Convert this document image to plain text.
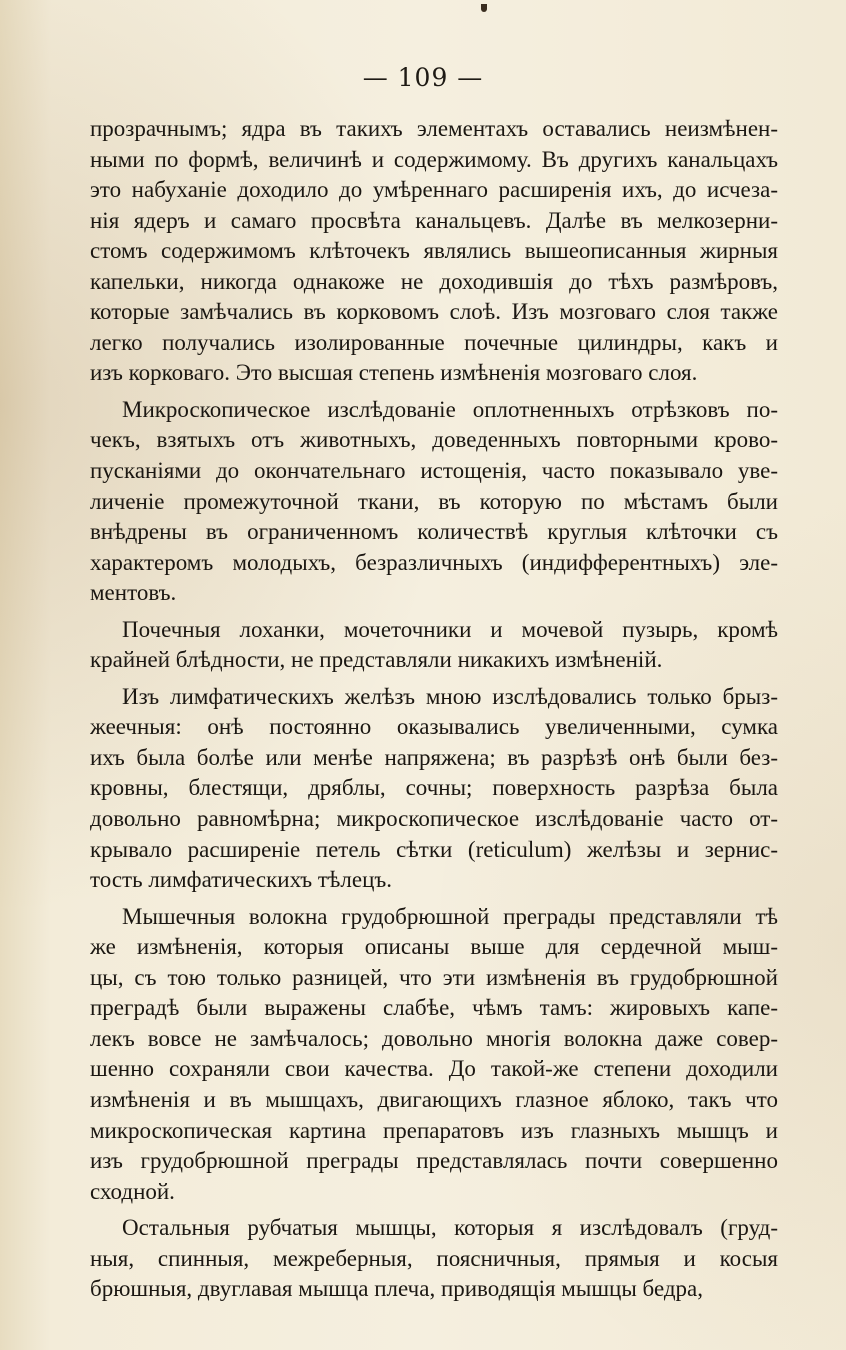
— 109 —
прозрачнымъ; ядра въ такихъ элементахъ оставались неизмѣнен-
ными по формѣ, величинѣ и содержимому. Въ другихъ канальцахъ
это набуханіе доходило до умѣреннаго расширенія ихъ, до исчеза-
нія ядеръ и самаго просвѣта канальцевъ. Далѣе въ мелкозерни-
стомъ содержимомъ клѣточекъ являлись вышеописанныя жирныя
капельки, никогда однакоже не доходившія до тѣхъ размѣровъ,
которые замѣчались въ корковомъ слоѣ. Изъ мозговаго слоя также
легко получались изолированные почечные цилиндры, какъ и
изъ корковаго. Это высшая степень измѣненія мозговаго слоя.
Микроскопическое изслѣдованіе оплотненныхъ отрѣзковъ по-
чекъ, взятыхъ отъ животныхъ, доведенныхъ повторными крово-
пусканіями до окончательнаго истощенія, часто показывало уве-
личеніе промежуточной ткани, въ которую по мѣстамъ были
внѣдрены въ ограниченномъ количествѣ круглыя клѣточки съ
характеромъ молодыхъ, безразличныхъ (индифферентныхъ) эле-
ментовъ.
Почечныя лоханки, мочеточники и мочевой пузырь, кромѣ
крайней блѣдности, не представляли никакихъ измѣненій.
Изъ лимфатическихъ желѣзъ мною изслѣдовались только брыз-
жеечныя: онѣ постоянно оказывались увеличенными, сумка
ихъ была болѣе или менѣе напряжена; въ разрѣзѣ онѣ были без-
кровны, блестящи, дряблы, сочны; поверхность разрѣза была
довольно равномѣрна; микроскопическое изслѣдованіе часто от-
крывало расширеніе петель сѣтки (reticulum) желѣзы и зернис-
тость лимфатическихъ тѣлецъ.
Мышечныя волокна грудобрюшной преграды представляли тѣ
же измѣненія, которыя описаны выше для сердечной мыш-
цы, съ тою только разницей, что эти измѣненія въ грудобрюшной
преградѣ были выражены слабѣе, чѣмъ тамъ: жировыхъ капе-
лекъ вовсе не замѣчалось; довольно многія волокна даже совер-
шенно сохраняли свои качества. До такой-же степени доходили
измѣненія и въ мышцахъ, двигающихъ глазное яблоко, такъ что
микроскопическая картина препаратовъ изъ глазныхъ мышцъ и
изъ грудобрюшной преграды представлялась почти совершенно
сходной.
Остальныя рубчатыя мышцы, которыя я изслѣдовалъ (груд-
ныя, спинныя, межреберныя, поясничныя, прямыя и косыя
брюшныя, двуглавая мышца плеча, приводящія мышцы бедра,
